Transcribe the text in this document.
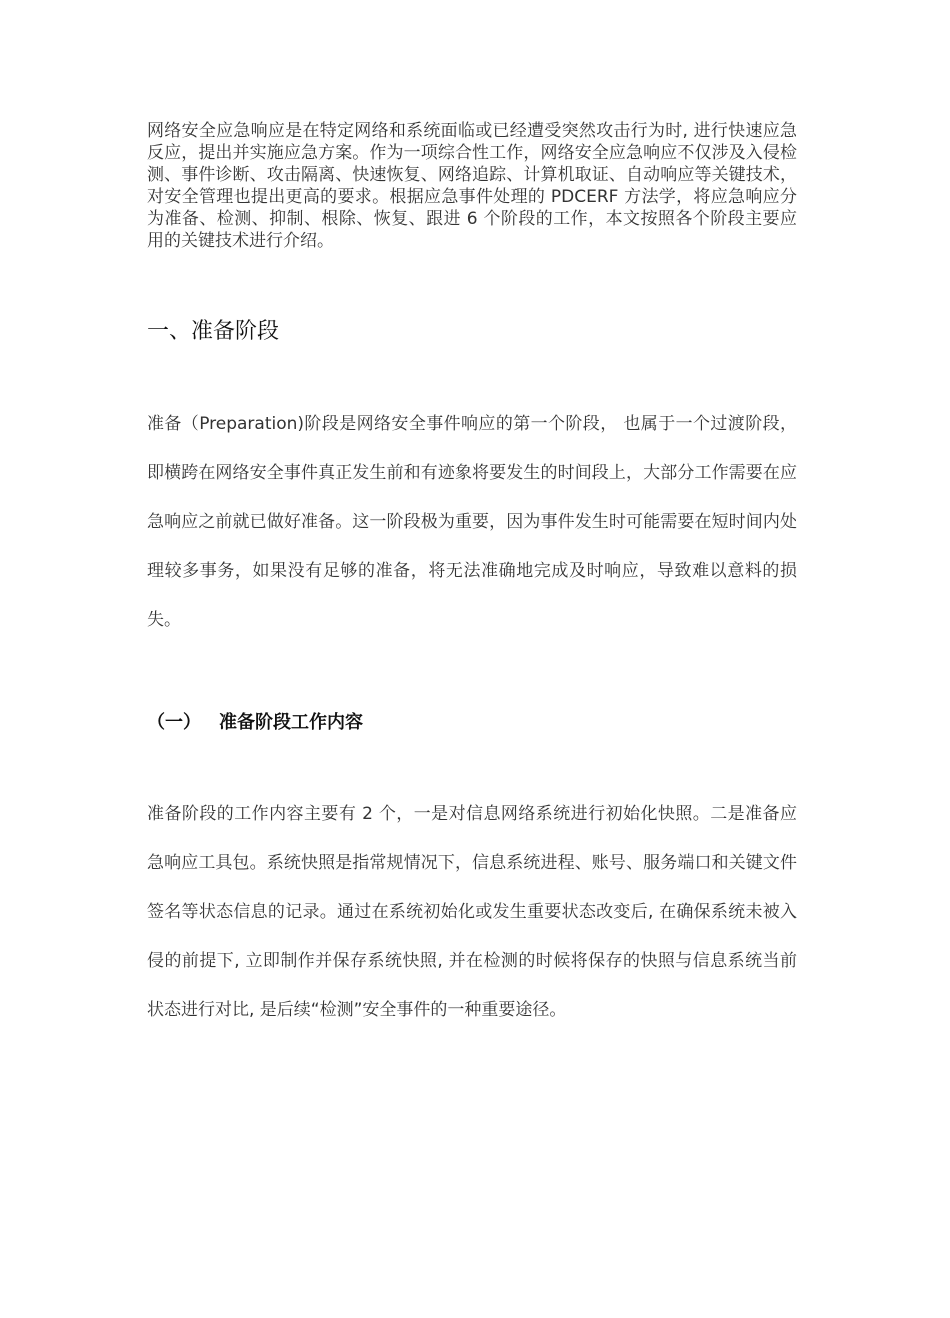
网络安全应急响应是在特定网络和系统面临或已经遭受突然攻击行为时, 进行快速应急反应，提出并实施应急方案。作为一项综合性工作，网络安全应急响应不仅涉及入侵检测、事件诊断、攻击隔离、快速恢复、网络追踪、计算机取证、自动响应等关键技术，对安全管理也提出更高的要求。根据应急事件处理的 PDCERF 方法学，将应急响应分为准备、检测、抑制、根除、恢复、跟进 6 个阶段的工作，本文按照各个阶段主要应用的关键技术进行介绍。

一、准备阶段

准备（Preparation)阶段是网络安全事件响应的第一个阶段， 也属于一个过渡阶段，即横跨在网络安全事件真正发生前和有迹象将要发生的时间段上，大部分工作需要在应急响应之前就已做好准备。这一阶段极为重要，因为事件发生时可能需要在短时间内处理较多事务，如果没有足够的准备，将无法准确地完成及时响应，导致难以意料的损失。

（一） 准备阶段工作内容

准备阶段的工作内容主要有 2 个，一是对信息网络系统进行初始化快照。二是准备应急响应工具包。系统快照是指常规情况下，信息系统进程、账号、服务端口和关键文件签名等状态信息的记录。通过在系统初始化或发生重要状态改变后, 在确保系统未被入侵的前提下, 立即制作并保存系统快照, 并在检测的时候将保存的快照与信息系统当前状态进行对比, 是后续“检测”安全事件的一种重要途径。
